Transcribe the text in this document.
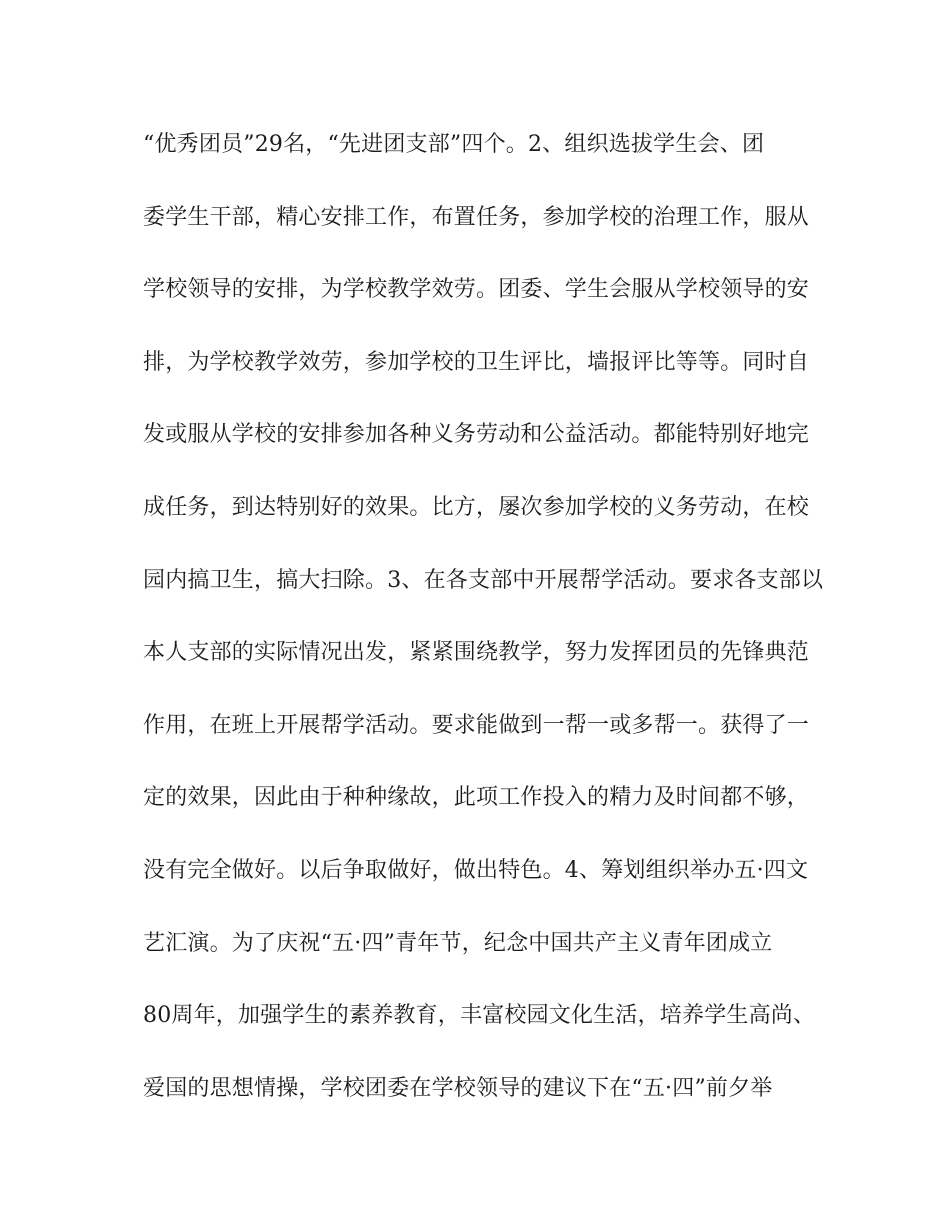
“优秀团员”29名，“先进团支部”四个。2、组织选拔学生会、团
委学生干部，精心安排工作，布置任务，参加学校的治理工作，服从
学校领导的安排，为学校教学效劳。团委、学生会服从学校领导的安
排，为学校教学效劳，参加学校的卫生评比，墙报评比等等。同时自
发或服从学校的安排参加各种义务劳动和公益活动。都能特别好地完
成任务，到达特别好的效果。比方，屡次参加学校的义务劳动，在校
园内搞卫生，搞大扫除。3、在各支部中开展帮学活动。要求各支部以
本人支部的实际情况出发，紧紧围绕教学，努力发挥团员的先锋典范
作用，在班上开展帮学活动。要求能做到一帮一或多帮一。获得了一
定的效果，因此由于种种缘故，此项工作投入的精力及时间都不够，
没有完全做好。以后争取做好，做出特色。4、筹划组织举办五·四文
艺汇演。为了庆祝“五·四”青年节，纪念中国共产主义青年团成立
80周年，加强学生的素养教育，丰富校园文化生活，培养学生高尚、
爱国的思想情操，学校团委在学校领导的建议下在“五·四”前夕举
